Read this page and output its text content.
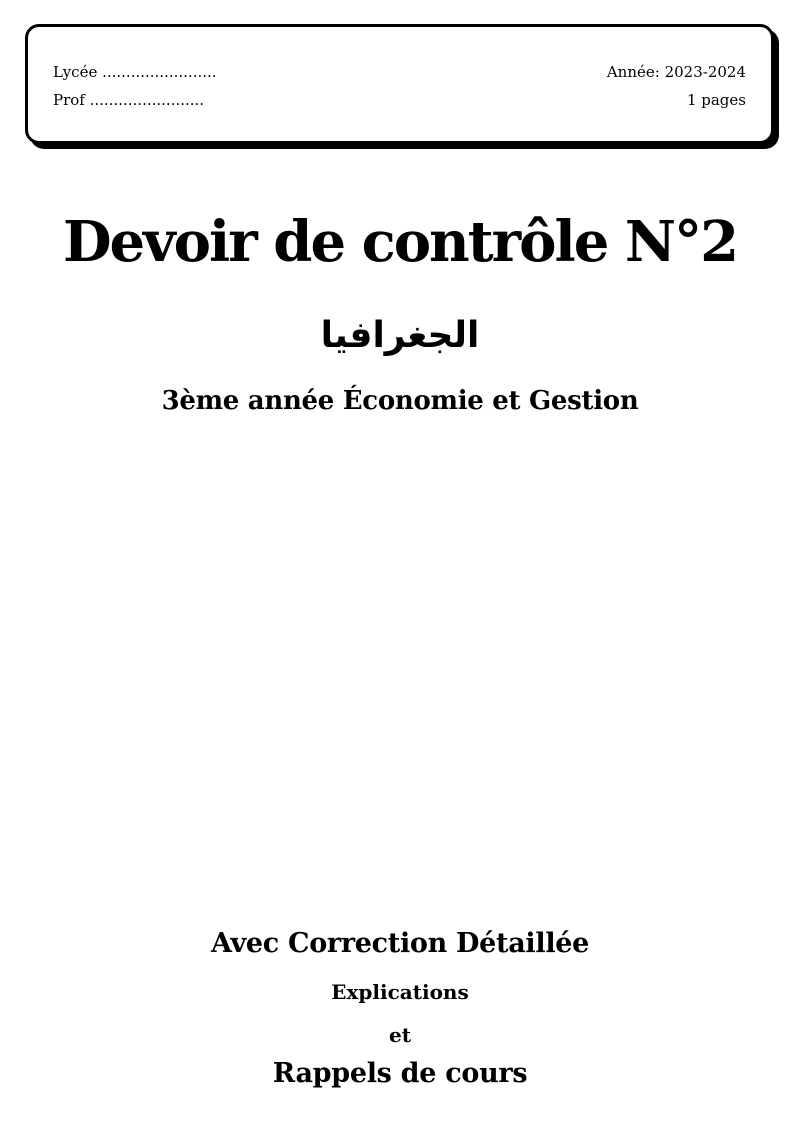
Lycée ........................
Prof ........................
Année: 2023-2024
1 pages
Devoir de contrôle N°2
الجغرافيا
3ème année Économie et Gestion
Avec Correction Détaillée
Explications
et
Rappels de cours
